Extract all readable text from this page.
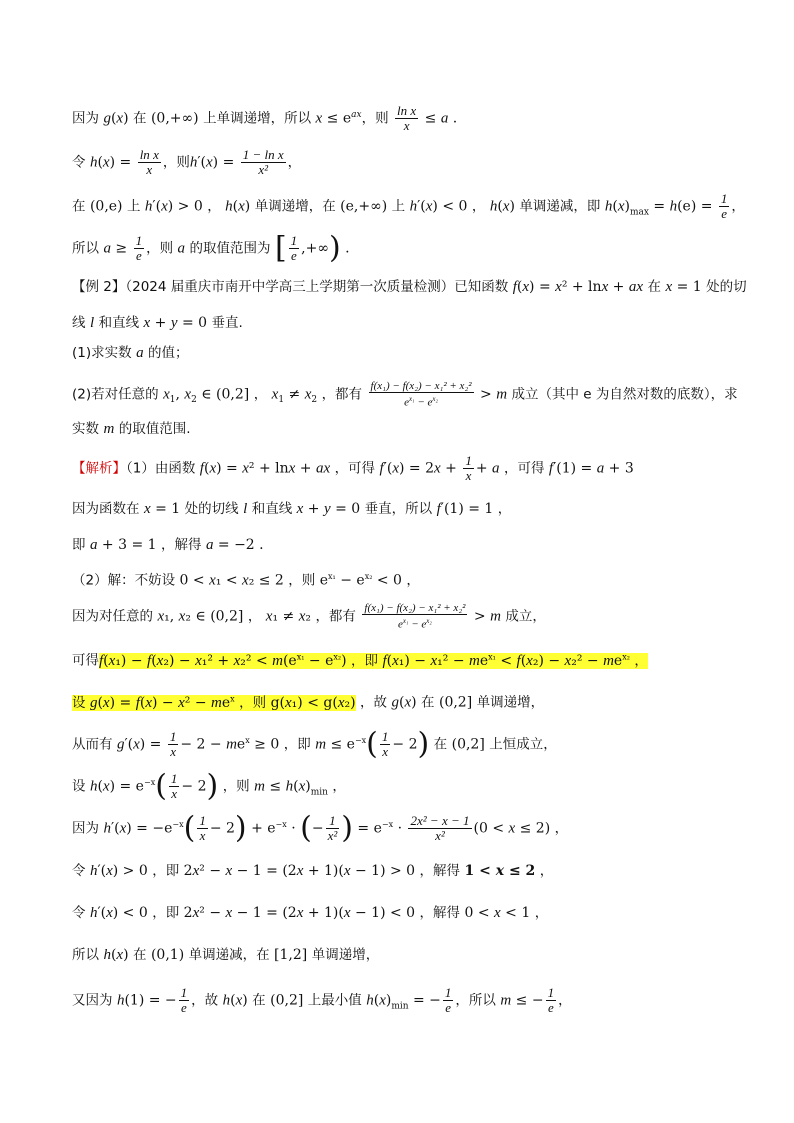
因为 g(x) 在 (0,+∞) 上单调递增，所以 $x \le e^{ax}$，则 $\frac{\text{ln x}}{x} \le a$ .
令 $h(x) = \frac{\text{ln x}}{x}$ ，则$h'(x) = \frac{\text{1 − ln x}}{\text{x²}}$ ，
在 (0,e) 上 h′(x) > 0 ， h(x) 单调递增，在 (e,+∞) 上 h′(x) < 0 ， h(x) 单调递减，即 $h(x)_{max} = h(e) = \frac{1}{e}$ ，
所以 $a \ge \frac{1}{e}$ ，则 a 的取值范围为 [ $\frac{1}{e}$ ,+∞) .
【例 2】（2024 届重庆市南开中学高三上学期第一次质量检测）已知函数 f(x) = x² + lnx + ax 在 x = 1 处的切
线 l 和直线 x + y = 0 垂直.
(1)求实数 a 的值；
(2)若对任意的 $x_1$, $x_2$ ∈ (0,2] ， $x_1 \ne x_2$ ，都有 $\frac{\text{f(x₁) − f(x₂) − x₁² + x₂²}}{e^{x_1} - e^{x_2}} > m$ 成立（其中 e 为自然对数的底数），求
实数 m 的取值范围.
【解析】（1）由函数 f(x) = x² + lnx + ax ，可得 $f'(x) = 2x + \frac{1}{x} + a$ ，可得 f′(1) = a + 3
因为函数在 x = 1 处的切线 l 和直线 x + y = 0 垂直，所以 f′(1) = 1 ，
即 a + 3 = 1 ，解得 a = −2 .
（2）解：不妨设 0 < x₁ < x₂ ≤ 2 ，则 $e^{x_1} - e^{x_2} < 0$ ，
因为对任意的 x₁, x₂ ∈ (0,2] ， x₁ ≠ x₂ ，都有 $\frac{\text{f(x₁) − f(x₂) − x₁² + x₂²}}{e^{x_1} - e^{x_2}} > m$ 成立，
可得$f(x_1) - f(x_2) - x_1^2 + x_2^2 < m(e^{x_1} - e^{x_2})$ ，即 $f(x_1) - x_1^2 - me^{x_1} < f(x_2) - x_2^2 - me^{x_2}$ ，
设 $g(x) = f(x) - x^2 - me^x$ ，则 g(x₁) < g(x₂) ，故 g(x) 在 (0,2] 单调递增，
从而有 $g'(x) = \frac{1}{x} - 2 - me^x \ge 0$ ，即 $m \le e^{-x}( \frac{1}{x} - 2)$ 在 (0,2] 上恒成立，
设 $h(x) = e^{-x}( \frac{1}{x} - 2)$ ，则 $m \le h(x)_{min}$ ，
因为 $h'(x) = -e^{-x}( \frac{1}{x} - 2) + e^{-x}$ · (− $\frac{1}{\text{x²}}$ ) = $e^{-x} \cdot \frac{\text{2x² − x − 1}}{\text{x²}} (0 < x \le 2)$ ，
令 h′(x) > 0 ，即 2x² − x − 1 = (2x + 1)(x − 1) > 0 ，解得 1 < x ≤ 2 ，
令 h′(x) < 0 ，即 2x² − x − 1 = (2x + 1)(x − 1) < 0 ，解得 0 < x < 1 ，
所以 h(x) 在 (0,1) 单调递减，在 [1,2] 单调递增，
又因为 h(1) = − $\frac{1}{e}$ ，故 h(x) 在 (0,2] 上最小值 $h(x)_{min}$ = − $\frac{1}{e}$ ，所以 m ≤ − $\frac{1}{e}$ ，
